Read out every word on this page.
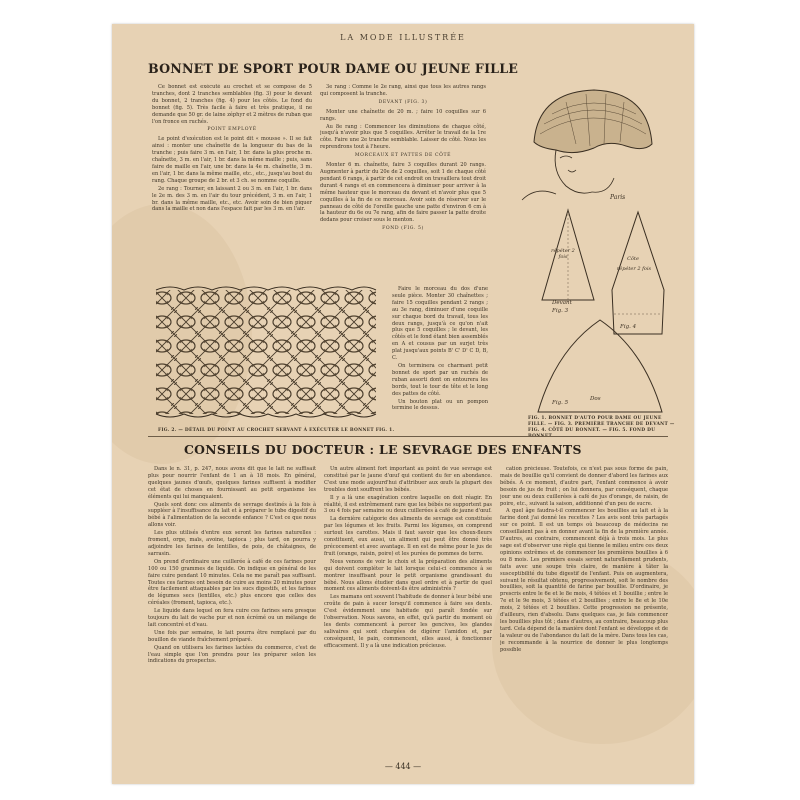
LA MODE ILLUSTRÉE
BONNET DE SPORT POUR DAME OU JEUNE FILLE

Ce bonnet est exécuté au crochet et se compose de 5 tranches, dont 2 tranches semblables (fig. 3) pour le devant du bonnet, 2 tranches (fig. 4) pour les côtés. Le fond du bonnet (fig. 5). Très facile à faire et très pratique, il ne demande que 50 gr. de laine zéphyr et 2 mètres de ruban que l'on fronce en ruchés.

POINT EMPLOYÉ

Le point d'exécution est le point dit « mousse ». Il se fait ainsi : monter une chaînette de la longueur du bas de la tranche ; puis faire 3 m. en l'air, 1 br. dans la plus proche m. chaînette, 3 m. en l'air, 1 br. dans la même maille ; puis, sans faire de maille en l'air, une br. dans la 4e m. chaînette, 3 m. en l'air, 1 br. dans la même maille, etc., etc., jusqu'au bout du rang. Chaque groupe de 2 br. et 3 ch. se nomme coquille.

2e rang : Tourner, en laissant 2 ou 3 m. en l'air, 1 br. dans le 2e m. des 3 m. en l'air du tour précédent, 3 m. en l'air, 1 br. dans la même maille, etc., etc. Avoir soin de bien piquer dans la maille et non dans l'espace fait par les 3 m. en l'air.

3e rang : Comme le 2e rang, ainsi que tous les autres rangs qui composent la tranche.

DEVANT (FIG. 3)

Monter une chaînette de 20 m. ; faire 10 coquilles sur 6 rangs.

Au 8e rang : Commencer les diminutions de chaque côté, jusqu'à n'avoir plus que 5 coquilles. Arrêter le travail de la 1re côte. Faire une 2e tranche semblable. Laisser de côté. Nous les reprendrons tout à l'heure.

MORCEAUX ET PATTES DE CÔTÉ

Monter 6 m. chaînette, faire 3 coquilles durant 20 rangs. Augmenter à partir du 20e de 2 coquilles, soit 1 de chaque côté pendant 6 rangs, à partir de cet endroit on travaillera tout droit durant 4 rangs et en commencera à diminuer pour arriver à la même hauteur que le morceau du devant et n'avoir plus que 5 coquilles à la fin de ce morceau. Avoir soin de réserver sur le panneau de côté de l'oreille gauche une patte d'environ 6 cm à la hauteur du 6e ou 7e rang, afin de faire passer la patte droite dedans pour croiser sous le menton.

FOND (FIG. 5)

FIG. 2. — DÉTAIL DU POINT AU CROCHET SERVANT À EXÉCUTER LE BONNET FIG. 1.

Faire le morceau du dos d'une seule pièce. Monter 30 chaînettes ; faire 15 coquilles pendant 2 rangs ; au 3e rang, diminuer d'une coquille sur chaque bord du travail, tous les deux rangs, jusqu'à ce qu'on n'ait plus que 5 coquilles ; le devant, les côtés et le fond étant bien assemblés en A et cousus par un surjet très plat jusqu'aux points B' C' D' C D, B, C.

On terminera ce charmant petit bonnet de sport par un ruchés de ruban assorti dont on entourera les bords, tout le tour de tête et le long des pattes de côté.

Un bouton plat ou un pompon termine le dessus.

Paris
répéter 2 fois
Devant
Fig. 3
Côte
répéter 2 fois
Fig. 4
Dos
Fig. 5
FIG. 1. BONNET D'AUTO POUR DAME OU JEUNE FILLE. — FIG. 3. PREMIÈRE TRANCHE DE DEVANT — FIG. 4. CÔTÉ DU BONNET. — FIG. 5. FOND DU
CONSEILS DU DOCTEUR : LE SEVRAGE DES ENFANTS

Dans le n. 31, p. 247, nous avons dit que le lait ne suffisait plus pour nourrir l'enfant de 1 an à 18 mois. En général, quelques jaunes d'œufs, quelques farines suffisent à modifier cet état de choses en fournissant au petit organisme les éléments qui lui manquaient.

Quels sont donc ces aliments de sevrage destinés à la fois à suppléer à l'insuffisance du lait et à préparer le tube digestif du bébé à l'alimentation de la seconde enfance ? C'est ce que nous allons voir.

Les plus utilisés d'entre eux seront les farines naturelles : froment, orge, maïs, avoine, tapioca ; plus tard, on pourra y adjoindre les farines de lentilles, de pois, de châtaignes, de sarrasin.

On prend d'ordinaire une cuillerée à café de ces farines pour 100 ou 150 grammes de liquide. On indique en général de les faire cuire pendant 10 minutes. Cela ne me paraît pas suffisant. Toutes ces farines ont besoin de cuire au moins 20 minutes pour être facilement attaquables par les sucs digestifs, et les farines de légumes secs (lentilles, etc.) plus encore que celles des céréales (froment, tapioca, etc.).

Le liquide dans lequel on fera cuire ces farines sera presque toujours du lait de vache pur et non écrémé ou un mélange de lait concentré et d'eau.

Une fois par semaine, le lait pourra être remplacé par du bouillon de viande fraîchement préparé.

Quand on utilisera les farines lactées du commerce, c'est de l'eau simple que l'on prendra pour les préparer selon les indications du prospectus.

Un autre aliment fort important au point de vue sevrage est constitué par le jaune d'œuf qui contient du fer en abondance. C'est une mode aujourd'hui d'attribuer aux œufs la plupart des troubles dont souffrent les bébés.

Il y a là une exagération contre laquelle on doit réagir. En réalité, il est extrêmement rare que les bébés ne supportent pas 3 ou 4 fois par semaine ou deux cuillerées à café de jaune d'œuf.

La dernière catégorie des aliments de sevrage est constituée par les légumes et les fruits. Parmi les légumes, on comprend surtout les carottes. Mais il faut savoir que les choux-fleurs constituent, eux aussi, un aliment qui peut être donné très précocement et avec avantage. Il en est de même pour le jus de fruit (orange, raisin, poire) et les purées de pommes de terre.

Nous venons de voir le choix et la préparation des aliments qui doivent compléter le lait lorsque celui-ci commence à se montrer insuffisant pour le petit organisme grandissant du bébé. Nous allons étudier dans quel ordre et à partir de quel moment ces aliments doivent-ils être administrés ?

Les mamans ont souvent l'habitude de donner à leur bébé une croûte de pain à sucer lorsqu'il commence à faire ses dents. C'est évidemment une habitude qui paraît fondée sur l'observation. Nous savons, en effet, qu'à partir du moment où les dents commencent à percer les gencives, les glandes salivaires qui sont chargées de digérer l'amidon et, par conséquent, le pain, commencent, elles aussi, à fonctionner efficacement. Il y a là une indication précieuse.

cation précieuse. Toutefois, ce n'est pas sous forme de pain, mais de bouillie qu'il convient de donner d'abord les farines aux bébés. A ce moment, d'autre part, l'enfant commence à avoir besoin de jus de fruit ; on lui donnera, par conséquent, chaque jour une ou deux cuillerées à café de jus d'orange, de raisin, de poire, etc., suivant la saison, additionné d'un peu de sucre.

A quel âge faudra-t-il commencer les bouillies au lait et à la farine dont j'ai donné les recettes ? Les avis sont très partagés sur ce point. Il est un temps où beaucoup de médecins ne conseillaient pas à en donner avant la fin de la première année. D'autres, au contraire, commencent déjà à trois mois. Le plus sage est d'observer une règle qui tienne le milieu entre ces deux opinions extrêmes et de commencer les premières bouillies à 6 ou 8 mois. Les premiers essais seront naturellement prudents, faits avec une soupe très claire, de manière à tâter la susceptibilité du tube digestif de l'enfant. Puis on augmentera, suivant le résultat obtenu, progressivement, soit le nombre des bouillies, soit la quantité de farine par bouillie. D'ordinaire, je prescris entre le 6e et le 8e mois, 4 tétées et 1 bouillie ; entre le 7e et le 9e mois, 3 tétées et 2 bouillies ; entre le 8e et le 10e mois, 2 tétées et 2 bouillies. Cette progression ne présente, d'ailleurs, rien d'absolu. Dans quelques cas, je fais commencer les bouillies plus tôt ; dans d'autres, au contraire, beaucoup plus tard. Cela dépend de la manière dont l'enfant se développe et de la valeur ou de l'abondance du lait de la mère. Dans tous les cas, je recommande à la nourrice de donner le plus longtemps possible

— 444 —
